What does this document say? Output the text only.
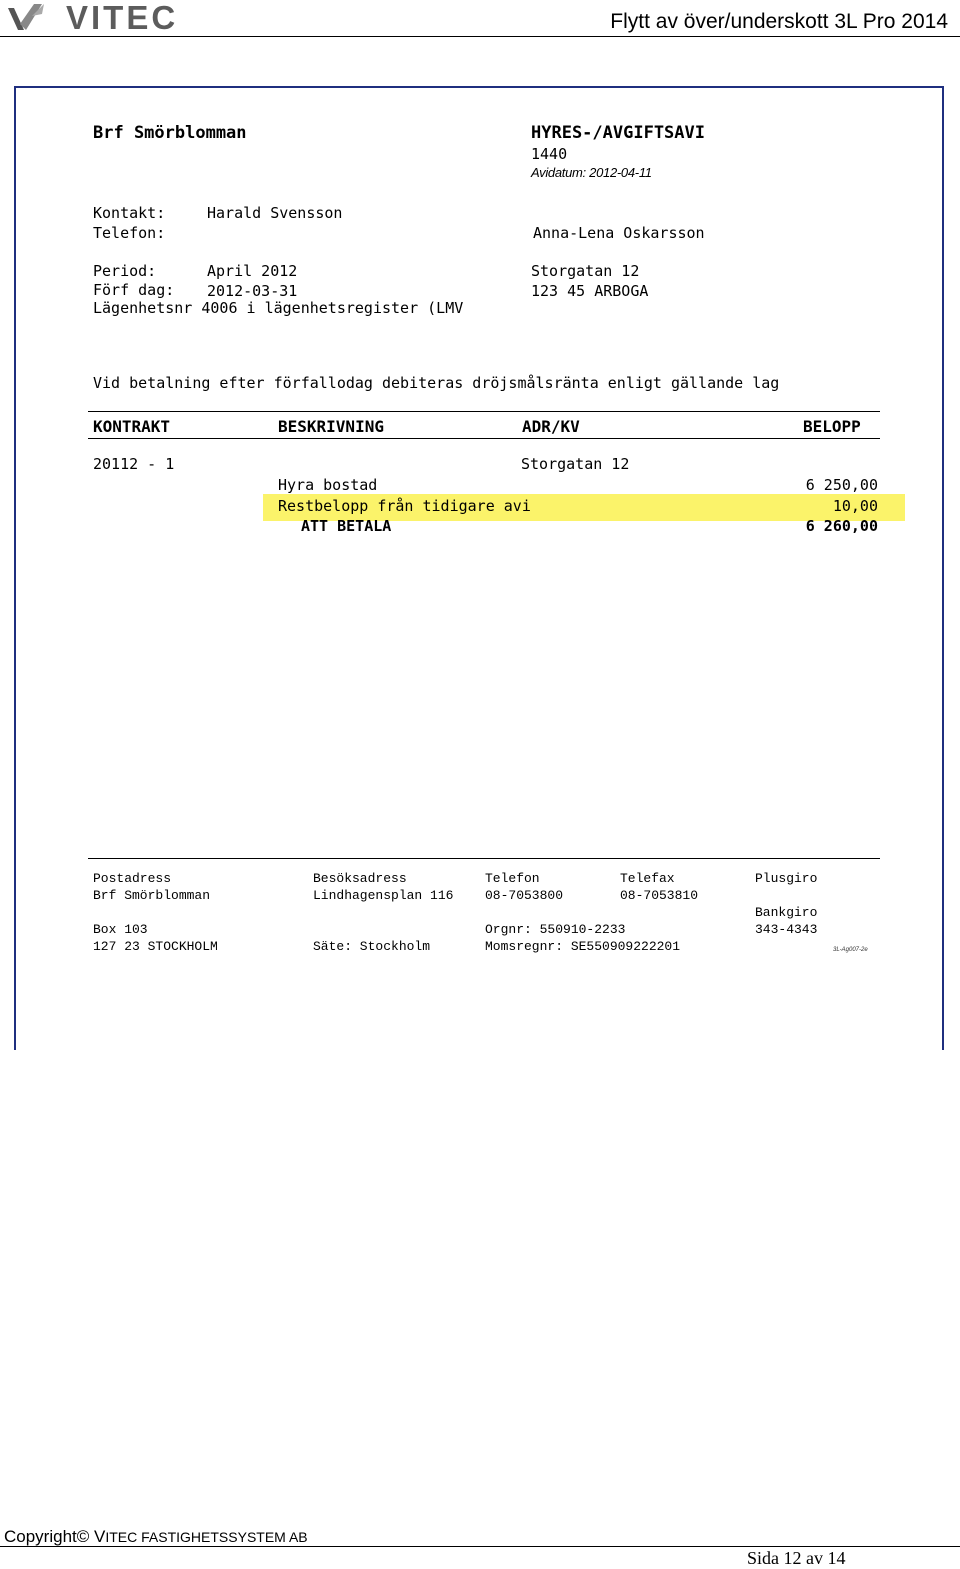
VITEC	Flytt av över/underskott 3L Pro 2014
Brf Smörblomman	HYRES-/AVGIFTSAVI
1440
Avidatum: 2012-04-11
Kontakt:	Harald Svensson
Telefon:	Anna-Lena Oskarsson
Period:	April 2012	Storgatan 12
Förf dag: 2012-03-31	123 45 ARBOGA
Lägenhetsnr 4006 i lägenhetsregister (LMV
Vid betalning efter förfallodag debiteras dröjsmålsränta enligt gällande lag
KONTRAKT	BESKRIVNING	ADR/KV	BELOPP
20112 - 1	Storgatan 12
Hyra bostad	6 250,00
Restbelopp från tidigare avi	10,00
ATT BETALA	6 260,00
Postadress
Brf Smörblomman
Box 103
127 23 STOCKHOLM
Besöksadress
Lindhagensplan 116
Säte: Stockholm
Telefon
08-7053800
Orgnr: 550910-2233
Momsregnr: SE550909222201
Telefax
08-7053810
Plusgiro
Bankgiro
343-4343
3L-Ag007-2e
Copyright© VITEC FASTIGHETSSYSTEM AB
Sida 12 av 14
